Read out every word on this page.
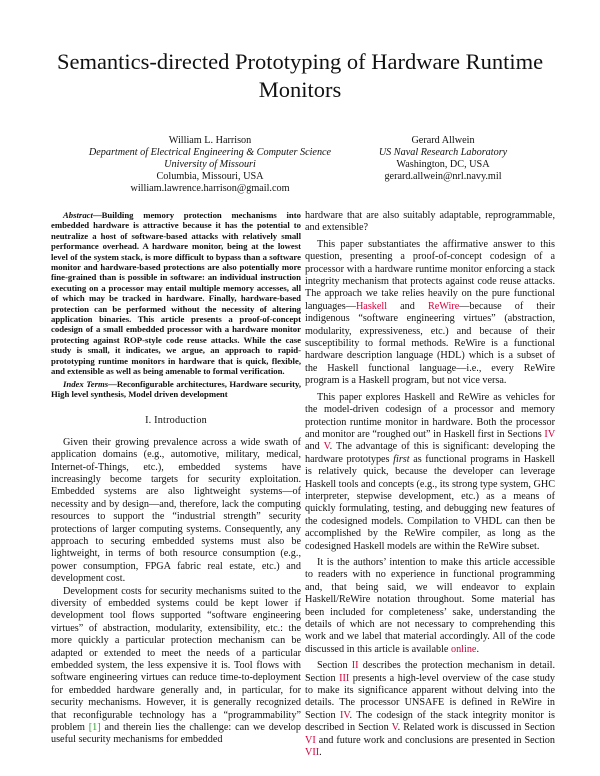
Semantics-directed Prototyping of Hardware Runtime Monitors
William L. Harrison
Department of Electrical Engineering & Computer Science
University of Missouri
Columbia, Missouri, USA
william.lawrence.harrison@gmail.com
Gerard Allwein
US Naval Research Laboratory
Washington, DC, USA
gerard.allwein@nrl.navy.mil

Abstract—Building memory protection mechanisms into embedded hardware is attractive because it has the potential to neutralize a host of software-based attacks with relatively small performance overhead. A hardware monitor, being at the lowest level of the system stack, is more difficult to bypass than a software monitor and hardware-based protections are also potentially more fine-grained than is possible in software: an individual instruction executing on a processor may entail multiple memory accesses, all of which may be tracked in hardware. Finally, hardware-based protection can be performed without the necessity of altering application binaries. This article presents a proof-of-concept codesign of a small embedded processor with a hardware monitor protecting against ROP-style code reuse attacks. While the case study is small, it indicates, we argue, an approach to rapid-prototyping runtime monitors in hardware that is quick, flexible, and extensible as well as being amenable to formal verification.

Index Terms—Reconfigurable architectures, Hardware security, High level synthesis, Model driven development

I. Introduction

Given their growing prevalence across a wide swath of application domains (e.g., automotive, military, medical, Internet-of-Things, etc.), embedded systems have increasingly become targets for security exploitation. Embedded systems are also lightweight systems—of necessity and by design—and, therefore, lack the computing resources to support the “industrial strength” security protections of larger computing systems. Consequently, any approach to securing embedded systems must also be lightweight, in terms of both resource consumption (e.g., power consumption, FPGA fabric real estate, etc.) and development cost.

Development costs for security mechanisms suited to the diversity of embedded systems could be kept lower if development tool flows supported “software engineering virtues” of abstraction, modularity, extensibility, etc.: the more quickly a particular protection mechanism can be adapted or extended to meet the needs of a particular embedded system, the less expensive it is. Tool flows with software engineering virtues can reduce time-to-deployment for embedded hardware generally and, in particular, for security mechanisms. However, it is generally recognized that reconfigurable technology has a “programmability” problem [1] and therein lies the challenge: can we develop useful security mechanisms for embedded

hardware that are also suitably adaptable, reprogrammable, and extensible?

This paper substantiates the affirmative answer to this question, presenting a proof-of-concept codesign of a processor with a hardware runtime monitor enforcing a stack integrity mechanism that protects against code reuse attacks. The approach we take relies heavily on the pure functional languages—Haskell and ReWire—because of their indigenous “software engineering virtues” (abstraction, modularity, expressiveness, etc.) and because of their susceptibility to formal methods. ReWire is a functional hardware description language (HDL) which is a subset of the Haskell functional language—i.e., every ReWire program is a Haskell program, but not vice versa.

This paper explores Haskell and ReWire as vehicles for the model-driven codesign of a processor and memory protection runtime monitor in hardware. Both the processor and monitor are “roughed out” in Haskell first in Sections IV and V. The advantage of this is significant: developing the hardware prototypes first as functional programs in Haskell is relatively quick, because the developer can leverage Haskell tools and concepts (e.g., its strong type system, GHC interpreter, stepwise development, etc.) as a means of quickly formulating, testing, and debugging new features of the codesigned models. Compilation to VHDL can then be accomplished by the ReWire compiler, as long as the codesigned Haskell models are within the ReWire subset.

It is the authors’ intention to make this article accessible to readers with no experience in functional programming and, that being said, we will endeavor to explain Haskell/ReWire notation throughout. Some material has been included for completeness’ sake, understanding the details of which are not necessary to comprehending this work and we label that material accordingly. All of the code discussed in this article is available online.

Section II describes the protection mechanism in detail. Section III presents a high-level overview of the case study to make its significance apparent without delving into the details. The processor UNSAFE is defined in ReWire in Section IV. The codesign of the stack integrity monitor is described in Section V. Related work is discussed in Section VI and future work and conclusions are presented in Section VII.
